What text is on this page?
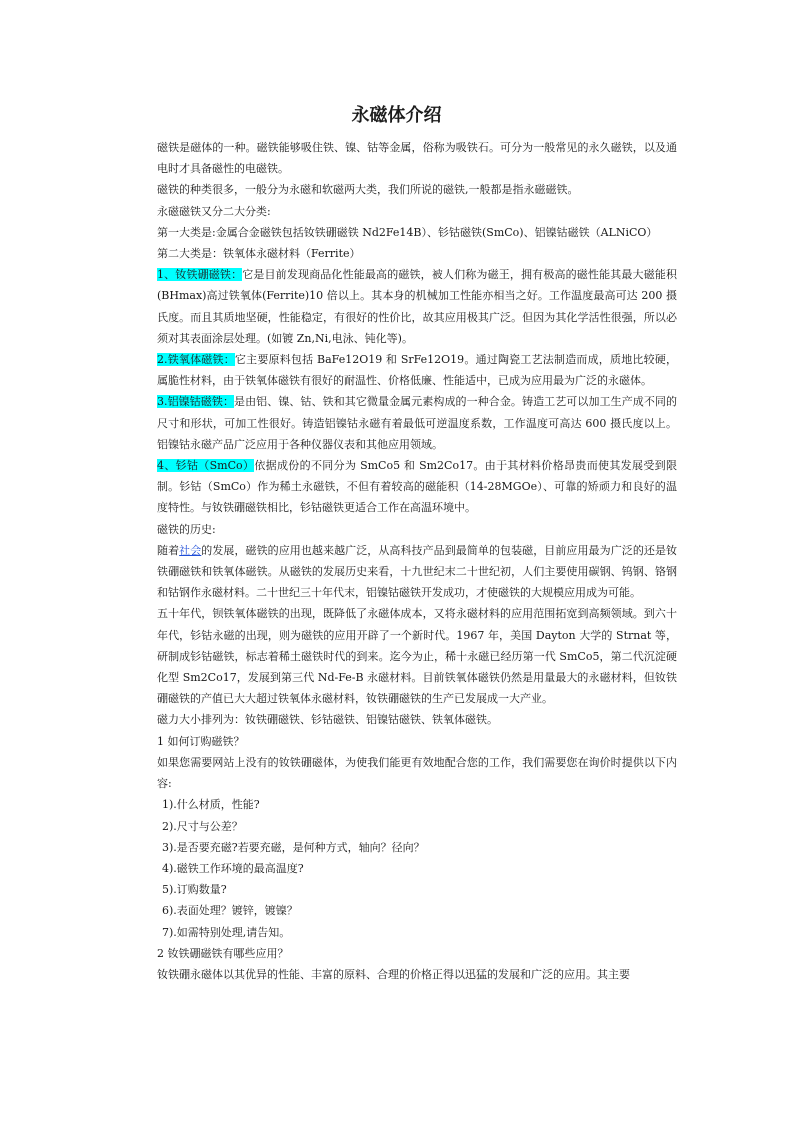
永磁体介绍

磁铁是磁体的一种。磁铁能够吸住铁、镍、钴等金属，俗称为吸铁石。可分为一般常见的永久磁铁，以及通电时才具备磁性的电磁铁。

磁铁的种类很多，一般分为永磁和软磁两大类，我们所说的磁铁,一般都是指永磁磁铁。

永磁磁铁又分二大分类:

第一大类是:金属合金磁铁包括钕铁硼磁铁 Nd2Fe14B）、钐钴磁铁(SmCo)、铝镍钴磁铁（ALNiCO）

第二大类是：铁氧体永磁材料（Ferrite）

1、钕铁硼磁铁：它是目前发现商品化性能最高的磁铁，被人们称为磁王，拥有极高的磁性能其最大磁能积(BHmax)高过铁氧体(Ferrite)10 倍以上。其本身的机械加工性能亦相当之好。工作温度最高可达 200 摄氏度。而且其质地坚硬，性能稳定，有很好的性价比，故其应用极其广泛。但因为其化学活性很强，所以必须对其表面涂层处理。(如镀 Zn,Ni,电泳、钝化等)。

2.铁氧体磁铁：它主要原料包括 BaFe12O19 和 SrFe12O19。通过陶瓷工艺法制造而成，质地比较硬，属脆性材料，由于铁氧体磁铁有很好的耐温性、价格低廉、性能适中，已成为应用最为广泛的永磁体。

3.铝镍钴磁铁：是由铝、镍、钴、铁和其它微量金属元素构成的一种合金。铸造工艺可以加工生产成不同的尺寸和形状，可加工性很好。铸造铝镍钴永磁有着最低可逆温度系数，工作温度可高达 600 摄氏度以上。铝镍钴永磁产品广泛应用于各种仪器仪表和其他应用领域。

4、钐钴（SmCo）依据成份的不同分为 SmCo5 和 Sm2Co17。由于其材料价格昂贵而使其发展受到限制。钐钴（SmCo）作为稀土永磁铁，不但有着较高的磁能积（14-28MGOe）、可靠的矫顽力和良好的温度特性。与钕铁硼磁铁相比，钐钴磁铁更适合工作在高温环境中。

磁铁的历史:

随着社会的发展，磁铁的应用也越来越广泛，从高科技产品到最简单的包装磁，目前应用最为广泛的还是钕铁硼磁铁和铁氧体磁铁。从磁铁的发展历史来看，十九世纪末二十世纪初，人们主要使用碳钢、钨钢、铬钢和钴钢作永磁材料。二十世纪三十年代末，铝镍钴磁铁开发成功，才使磁铁的大规模应用成为可能。

五十年代，钡铁氧体磁铁的出现，既降低了永磁体成本，又将永磁材料的应用范围拓宽到高频领域。到六十年代，钐钴永磁的出现，则为磁铁的应用开辟了一个新时代。1967 年，美国 Dayton 大学的 Strnat 等，研制成钐钴磁铁，标志着稀土磁铁时代的到来。迄今为止，稀十永磁已经历第一代 SmCo5，第二代沉淀硬化型 Sm2Co17，发展到第三代 Nd-Fe-B 永磁材料。目前铁氧体磁铁仍然是用量最大的永磁材料，但钕铁硼磁铁的产值已大大超过铁氧体永磁材料，钕铁硼磁铁的生产已发展成一大产业。

磁力大小排列为：钕铁硼磁铁、钐钴磁铁、铝镍钴磁铁、铁氧体磁铁。

1 如何订购磁铁？

如果您需要网站上没有的钕铁硼磁体，为使我们能更有效地配合您的工作，我们需要您在询价时提供以下内容:

1).什么材质，性能?

2).尺寸与公差？

3).是否要充磁?若要充磁，是何种方式，轴向？径向？

4).磁铁工作环境的最高温度?

5).订购数量?

6).表面处理？镀锌，镀镍？

7).如需特别处理,请告知。

2 钕铁硼磁铁有哪些应用？

钕铁硼永磁体以其优异的性能、丰富的原料、合理的价格正得以迅猛的发展和广泛的应用。其主要
